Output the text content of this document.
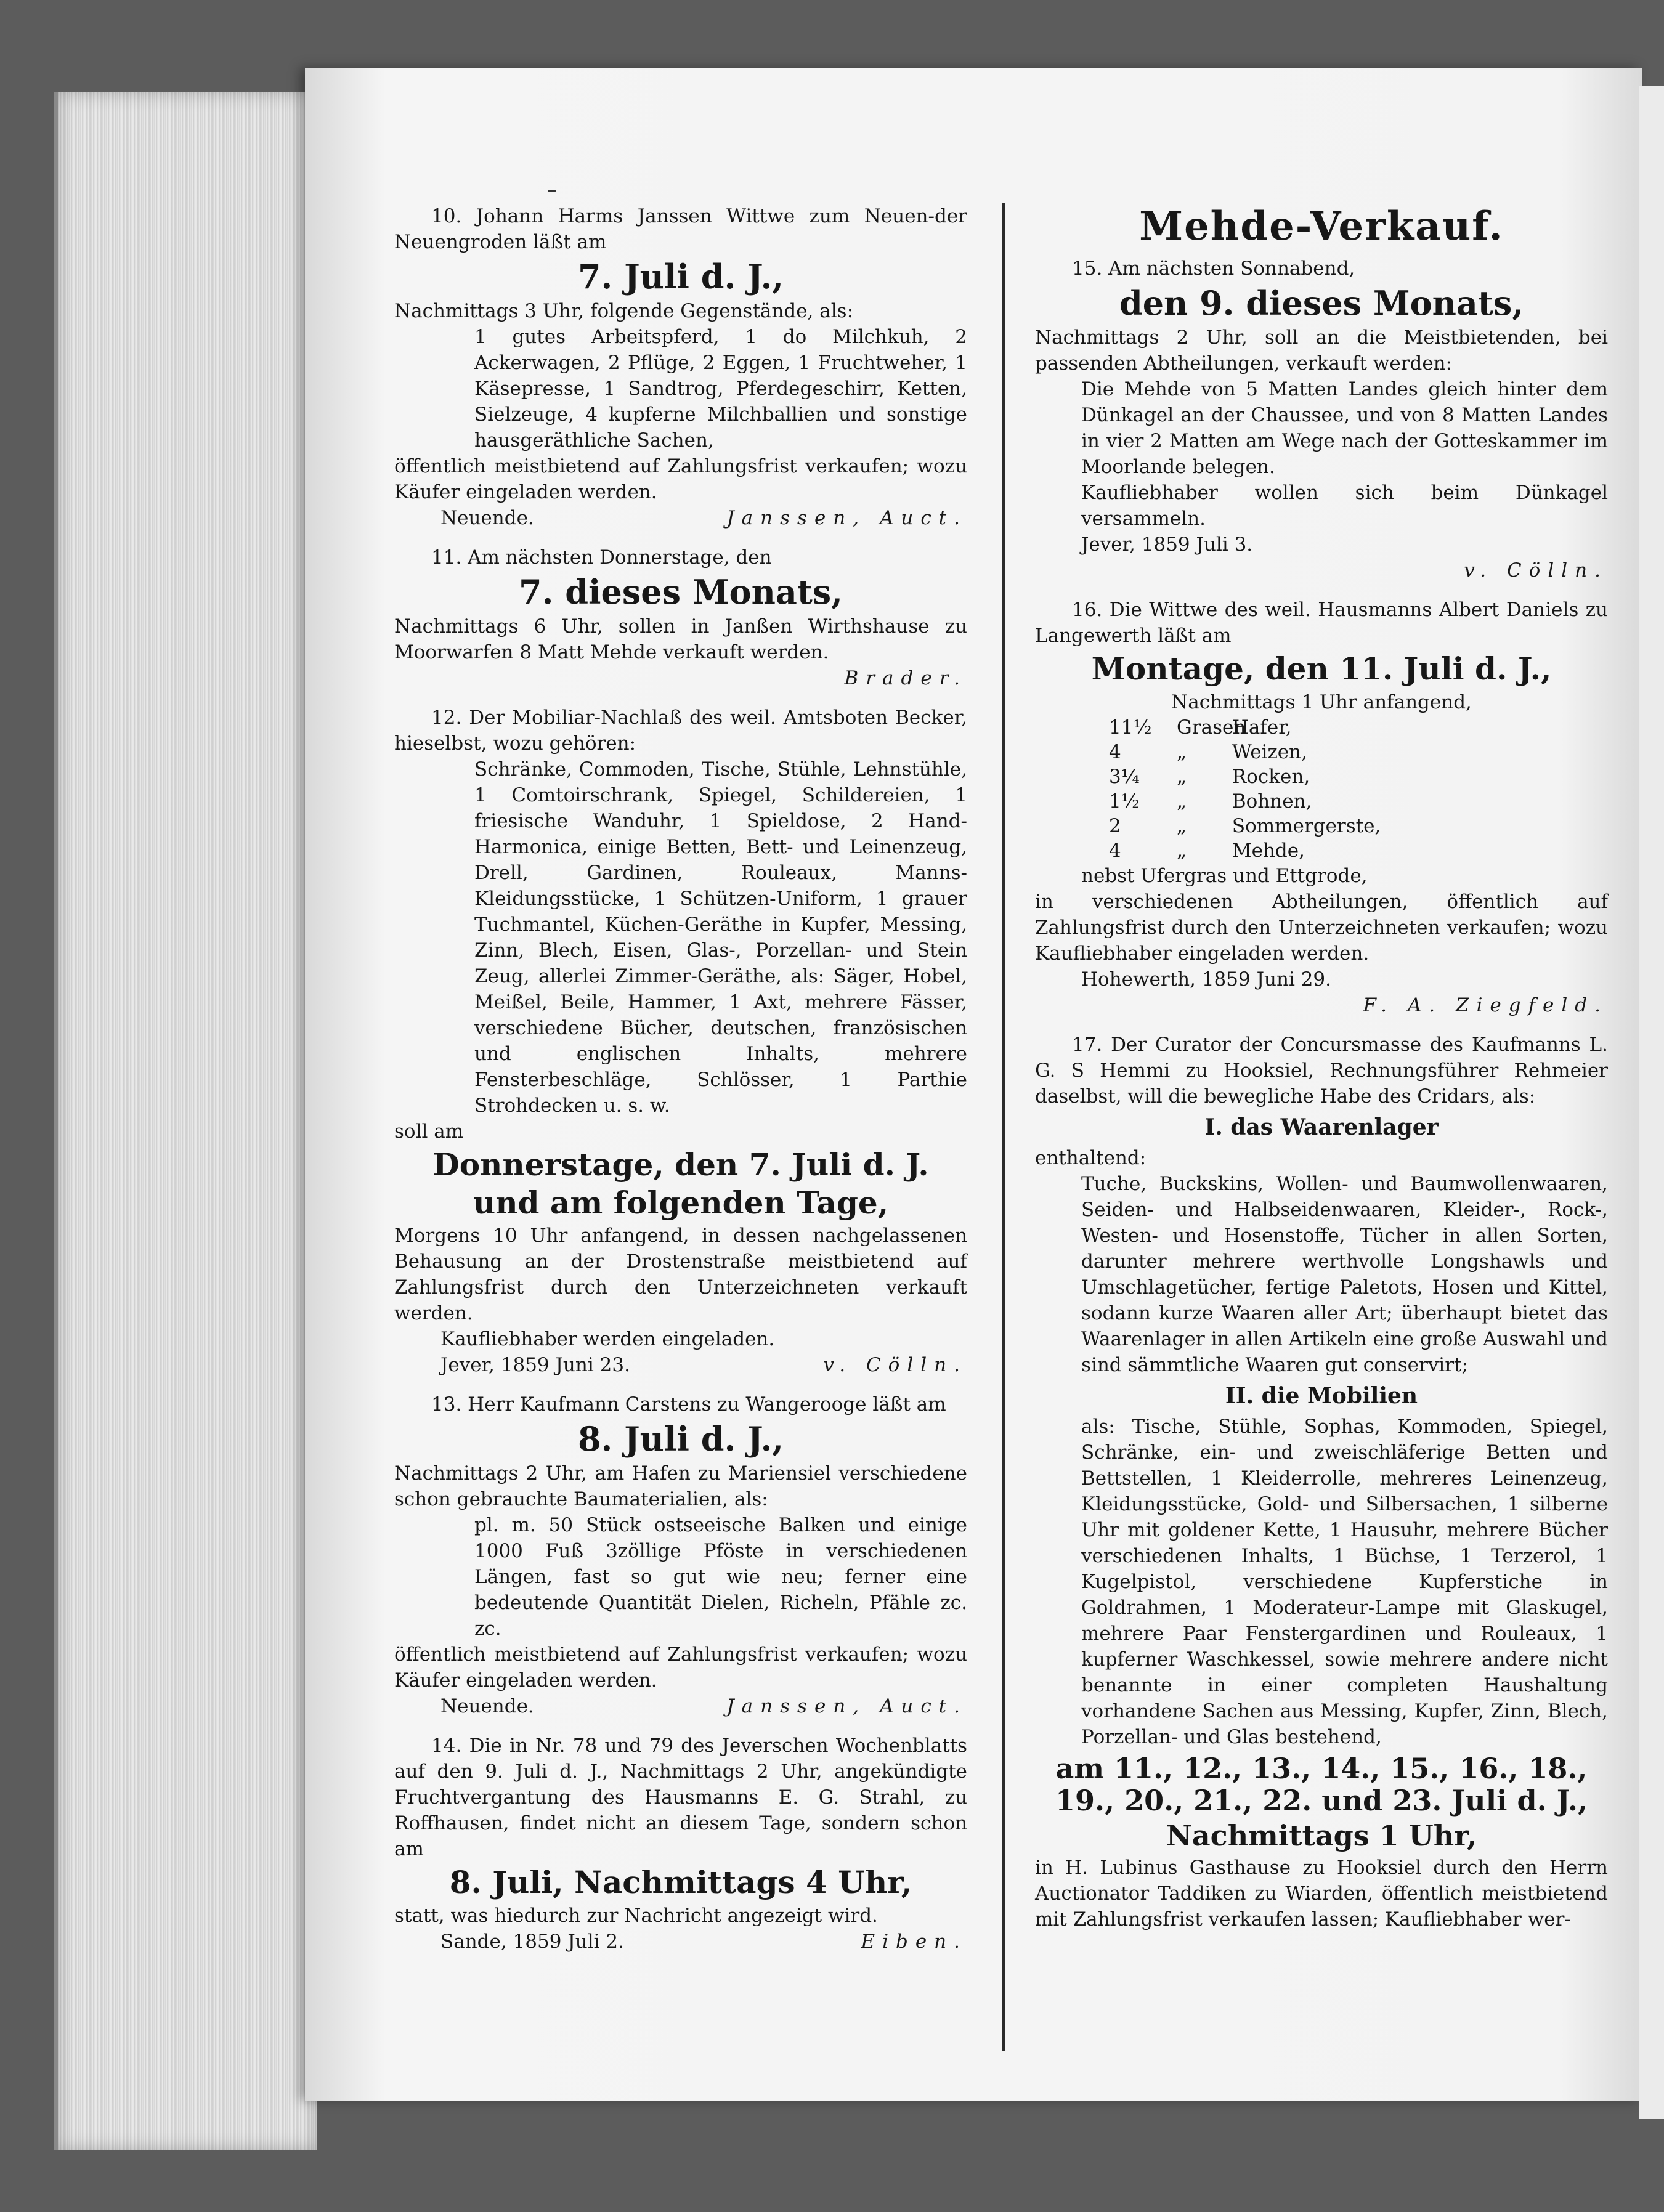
10. Johann Harms Janssen Wittwe zum Neuen-der Neuengroden läßt am

7. Juli d. J.,

Nachmittags 3 Uhr, folgende Gegenstände, als:

1 gutes Arbeitspferd, 1 do Milchkuh, 2 Ackerwagen, 2 Pflüge, 2 Eggen, 1 Fruchtweher, 1 Käsepresse, 1 Sandtrog, Pferdegeschirr, Ketten, Sielzeuge, 4 kupferne Milchballien und sonstige hausgeräthliche Sachen,

öffentlich meistbietend auf Zahlungsfrist verkaufen; wozu Käufer eingeladen werden.

Neuende.	Janssen, Auct.

11. Am nächsten Donnerstage, den

7. dieses Monats,

Nachmittags 6 Uhr, sollen in Janßen Wirthshause zu Moorwarfen 8 Matt Mehde verkauft werden.

Brader.

12. Der Mobiliar-Nachlaß des weil. Amtsboten Becker, hieselbst, wozu gehören:

Schränke, Commoden, Tische, Stühle, Lehnstühle, 1 Comtoirschrank, Spiegel, Schildereien, 1 friesische Wanduhr, 1 Spieldose, 2 Hand-Harmonica, einige Betten, Bett- und Leinenzeug, Drell, Gardinen, Rouleaux, Manns-Kleidungsstücke, 1 Schützen-Uniform, 1 grauer Tuchmantel, Küchen-Geräthe in Kupfer, Messing, Zinn, Blech, Eisen, Glas-, Porzellan- und Stein Zeug, allerlei Zimmer-Geräthe, als: Säger, Hobel, Meißel, Beile, Hammer, 1 Axt, mehrere Fässer, verschiedene Bücher, deutschen, französischen und englischen Inhalts, mehrere Fensterbeschläge, Schlösser, 1 Parthie Strohdecken u. s. w.

soll am

Donnerstage, den 7. Juli d. J.
und am folgenden Tage,

Morgens 10 Uhr anfangend, in dessen nachgelassenen Behausung an der Drostenstraße meistbietend auf Zahlungsfrist durch den Unterzeichneten verkauft werden.

Kaufliebhaber werden eingeladen.

Jever, 1859 Juni 23.	v. Cölln.

13. Herr Kaufmann Carstens zu Wangerooge läßt am

8. Juli d. J.,

Nachmittags 2 Uhr, am Hafen zu Mariensiel verschiedene schon gebrauchte Baumaterialien, als:

pl. m. 50 Stück ostseeische Balken und einige 1000 Fuß 3zöllige Pföste in verschiedenen Längen, fast so gut wie neu; ferner eine bedeutende Quantität Dielen, Richeln, Pfähle zc. zc.

öffentlich meistbietend auf Zahlungsfrist verkaufen; wozu Käufer eingeladen werden.

Neuende.	Janssen, Auct.

14. Die in Nr. 78 und 79 des Jeverschen Wochenblatts auf den 9. Juli d. J., Nachmittags 2 Uhr, angekündigte Fruchtvergantung des Hausmanns E. G. Strahl, zu Roffhausen, findet nicht an diesem Tage, sondern schon am

8. Juli, Nachmittags 4 Uhr,

statt, was hiedurch zur Nachricht angezeigt wird.

Sande, 1859 Juli 2.	Eiben.

Mehde-Verkauf.

15. Am nächsten Sonnabend,

den 9. dieses Monats,

Nachmittags 2 Uhr, soll an die Meistbietenden, bei passenden Abtheilungen, verkauft werden:

Die Mehde von 5 Matten Landes gleich hinter dem Dünkagel an der Chaussee, und von 8 Matten Landes in vier 2 Matten am Wege nach der Gotteskammer im Moorlande belegen.

Kaufliebhaber wollen sich beim Dünkagel versammeln.

Jever, 1859 Juli 3.

v. Cölln.

16. Die Wittwe des weil. Hausmanns Albert Daniels zu Langewerth läßt am

Montage, den 11. Juli d. J.,

Nachmittags 1 Uhr anfangend,

11½ Grasen Hafer,
4	„ Weizen,
3¼ „ Rocken,
1½ „ Bohnen,
2	„ Sommergerste,
4	„ Mehde,

nebst Ufergras und Ettgrode,

in verschiedenen Abtheilungen, öffentlich auf Zahlungsfrist durch den Unterzeichneten verkaufen; wozu Kaufliebhaber eingeladen werden.

Hohewerth, 1859 Juni 29.

F. A. Ziegfeld.

17. Der Curator der Concursmasse des Kaufmanns L. G. S Hemmi zu Hooksiel, Rechnungsführer Rehmeier daselbst, will die bewegliche Habe des Cridars, als:

I. das Waarenlager

enthaltend:

Tuche, Buckskins, Wollen- und Baumwollenwaaren, Seiden- und Halbseidenwaaren, Kleider-, Rock-, Westen- und Hosenstoffe, Tücher in allen Sorten, darunter mehrere werthvolle Longshawls und Umschlagetücher, fertige Paletots, Hosen und Kittel, sodann kurze Waaren aller Art; überhaupt bietet das Waarenlager in allen Artikeln eine große Auswahl und sind sämmtliche Waaren gut conservirt;

II. die Mobilien

als: Tische, Stühle, Sophas, Kommoden, Spiegel, Schränke, ein- und zweischläferige Betten und Bettstellen, 1 Kleiderrolle, mehreres Leinenzeug, Kleidungsstücke, Gold- und Silbersachen, 1 silberne Uhr mit goldener Kette, 1 Hausuhr, mehrere Bücher verschiedenen Inhalts, 1 Büchse, 1 Terzerol, 1 Kugelpistol, verschiedene Kupferstiche in Goldrahmen, 1 Moderateur-Lampe mit Glaskugel, mehrere Paar Fenstergardinen und Rouleaux, 1 kupferner Waschkessel, sowie mehrere andere nicht benannte in einer completen Haushaltung vorhandene Sachen aus Messing, Kupfer, Zinn, Blech, Porzellan- und Glas bestehend,

am 11., 12., 13., 14., 15., 16., 18., 19., 20., 21., 22. und 23. Juli d. J.,
Nachmittags 1 Uhr,

in H. Lubinus Gasthause zu Hooksiel durch den Herrn Auctionator Taddiken zu Wiarden, öffentlich meistbietend mit Zahlungsfrist verkaufen lassen; Kaufliebhaber wer-
